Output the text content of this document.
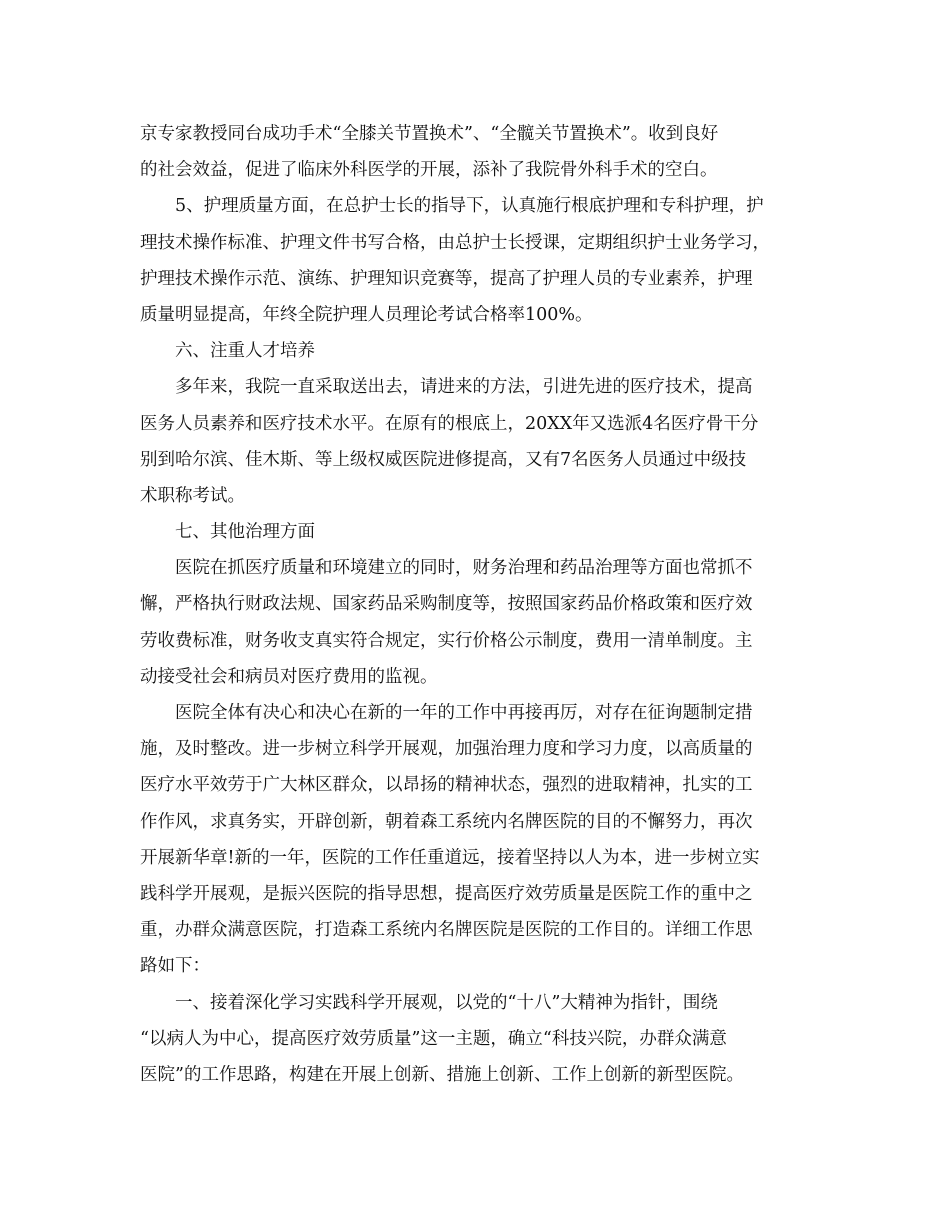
京专家教授同台成功手术“全膝关节置换术”、“全髋关节置换术”。收到良好
的社会效益，促进了临床外科医学的开展，添补了我院骨外科手术的空白。
5、护理质量方面，在总护士长的指导下，认真施行根底护理和专科护理，护
理技术操作标准、护理文件书写合格，由总护士长授课，定期组织护士业务学习，
护理技术操作示范、演练、护理知识竞赛等，提高了护理人员的专业素养，护理
质量明显提高，年终全院护理人员理论考试合格率100%。
六、注重人才培养
多年来，我院一直采取送出去，请进来的方法，引进先进的医疗技术，提高
医务人员素养和医疗技术水平。在原有的根底上，20XX年又选派4名医疗骨干分
别到哈尔滨、佳木斯、等上级权威医院进修提高，又有7名医务人员通过中级技
术职称考试。
七、其他治理方面
医院在抓医疗质量和环境建立的同时，财务治理和药品治理等方面也常抓不
懈，严格执行财政法规、国家药品采购制度等，按照国家药品价格政策和医疗效
劳收费标准，财务收支真实符合规定，实行价格公示制度，费用一清单制度。主
动接受社会和病员对医疗费用的监视。
医院全体有决心和决心在新的一年的工作中再接再厉，对存在征询题制定措
施，及时整改。进一步树立科学开展观，加强治理力度和学习力度，以高质量的
医疗水平效劳于广大林区群众，以昂扬的精神状态，强烈的进取精神，扎实的工
作作风，求真务实，开辟创新，朝着森工系统内名牌医院的目的不懈努力，再次
开展新华章!新的一年，医院的工作任重道远，接着坚持以人为本，进一步树立实
践科学开展观，是振兴医院的指导思想，提高医疗效劳质量是医院工作的重中之
重，办群众满意医院，打造森工系统内名牌医院是医院的工作目的。详细工作思
路如下：
一、接着深化学习实践科学开展观，以党的“十八”大精神为指针，围绕
“以病人为中心，提高医疗效劳质量”这一主题，确立“科技兴院，办群众满意
医院”的工作思路，构建在开展上创新、措施上创新、工作上创新的新型医院。
